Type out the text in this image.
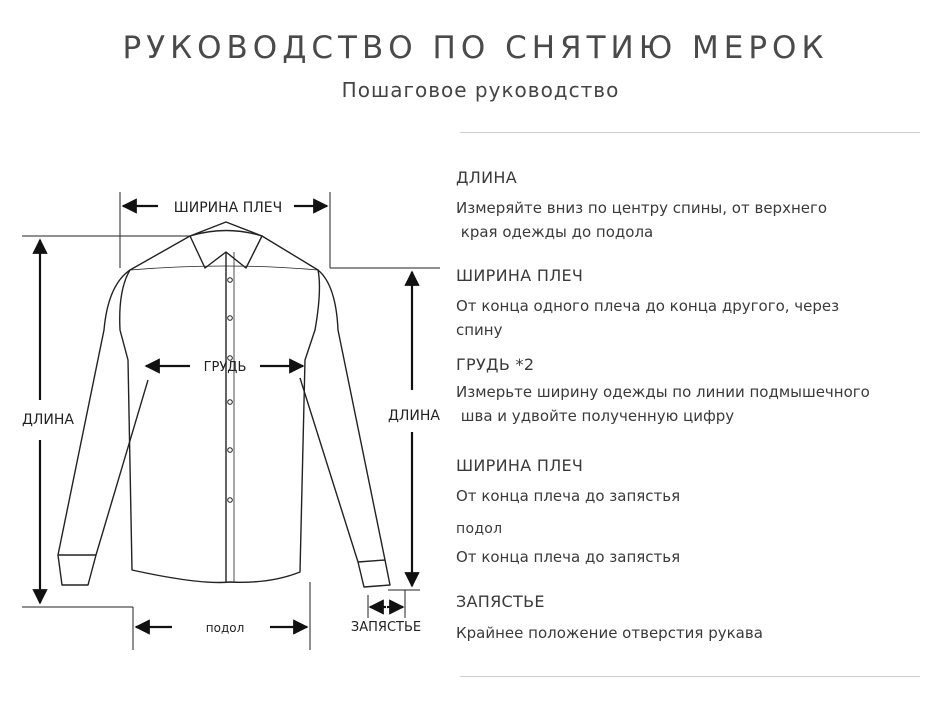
РУКОВОДСТВО ПО СНЯТИЮ МЕРОК
Пошаговое руководство
ШИРИНА ПЛЕЧ
ГРУДЬ
ДЛИНА	ДЛИНА
подол	ЗАПЯСТЬЕ
ДЛИНА
Измеряйте вниз по центру спины, от верхнего
края одежды до подола
ШИРИНА ПЛЕЧ
От конца одного плеча до конца другого, через
спину
ГРУДЬ *2
Измерьте ширину одежды по линии подмышечного
шва и удвойте полученную цифру
ШИРИНА ПЛЕЧ
От конца плеча до запястья
подол
От конца плеча до запястья
ЗАПЯСТЬЕ
Крайнее положение отверстия рукава
